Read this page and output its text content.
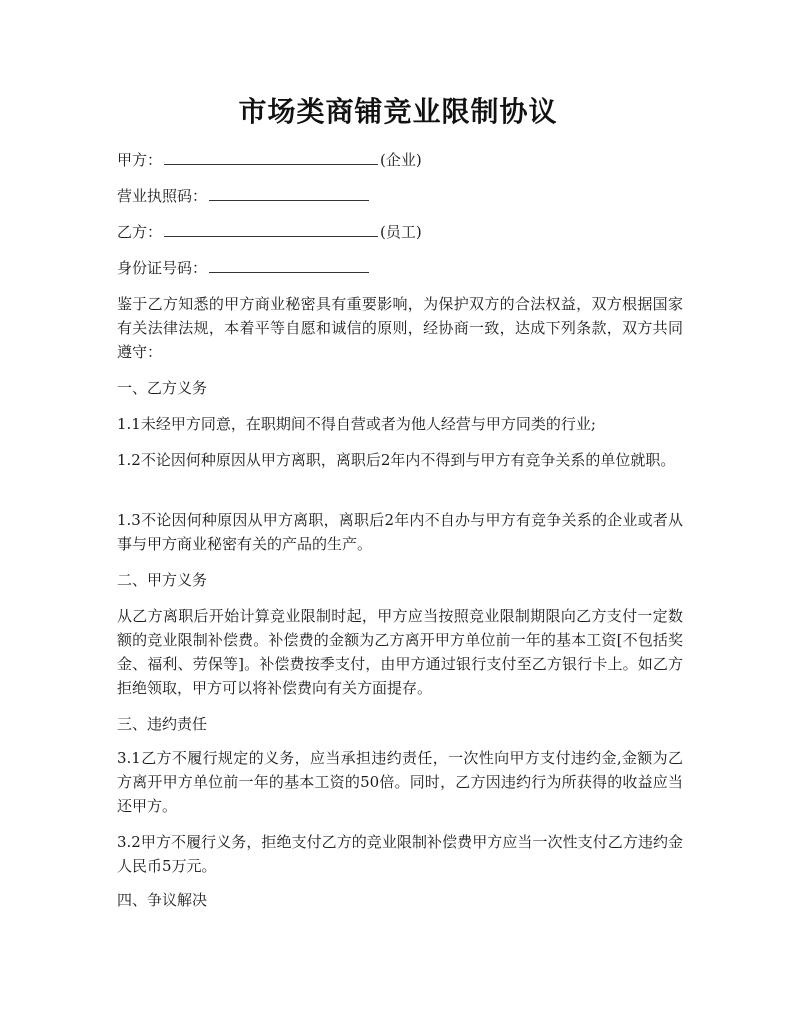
市场类商铺竞业限制协议
甲方：	(企业)
营业执照码：
乙方：	(员工)
身份证号码：
鉴于乙方知悉的甲方商业秘密具有重要影响，为保护双方的合法权益，双方根据国家有关法律法规，本着平等自愿和诚信的原则，经协商一致，达成下列条款，双方共同遵守：
一、乙方义务
1.1未经甲方同意，在职期间不得自营或者为他人经营与甲方同类的行业;
1.2不论因何种原因从甲方离职，离职后2年内不得到与甲方有竞争关系的单位就职。
1.3不论因何种原因从甲方离职，离职后2年内不自办与甲方有竞争关系的企业或者从事与甲方商业秘密有关的产品的生产。
二、甲方义务
从乙方离职后开始计算竞业限制时起，甲方应当按照竞业限制期限向乙方支付一定数额的竞业限制补偿费。补偿费的金额为乙方离开甲方单位前一年的基本工资[不包括奖金、福利、劳保等]。补偿费按季支付，由甲方通过银行支付至乙方银行卡上。如乙方拒绝领取，甲方可以将补偿费向有关方面提存。
三、违约责任
3.1乙方不履行规定的义务，应当承担违约责任，一次性向甲方支付违约金,金额为乙方离开甲方单位前一年的基本工资的50倍。同时，乙方因违约行为所获得的收益应当还甲方。
3.2甲方不履行义务，拒绝支付乙方的竞业限制补偿费甲方应当一次性支付乙方违约金人民币5万元。
四、争议解决
